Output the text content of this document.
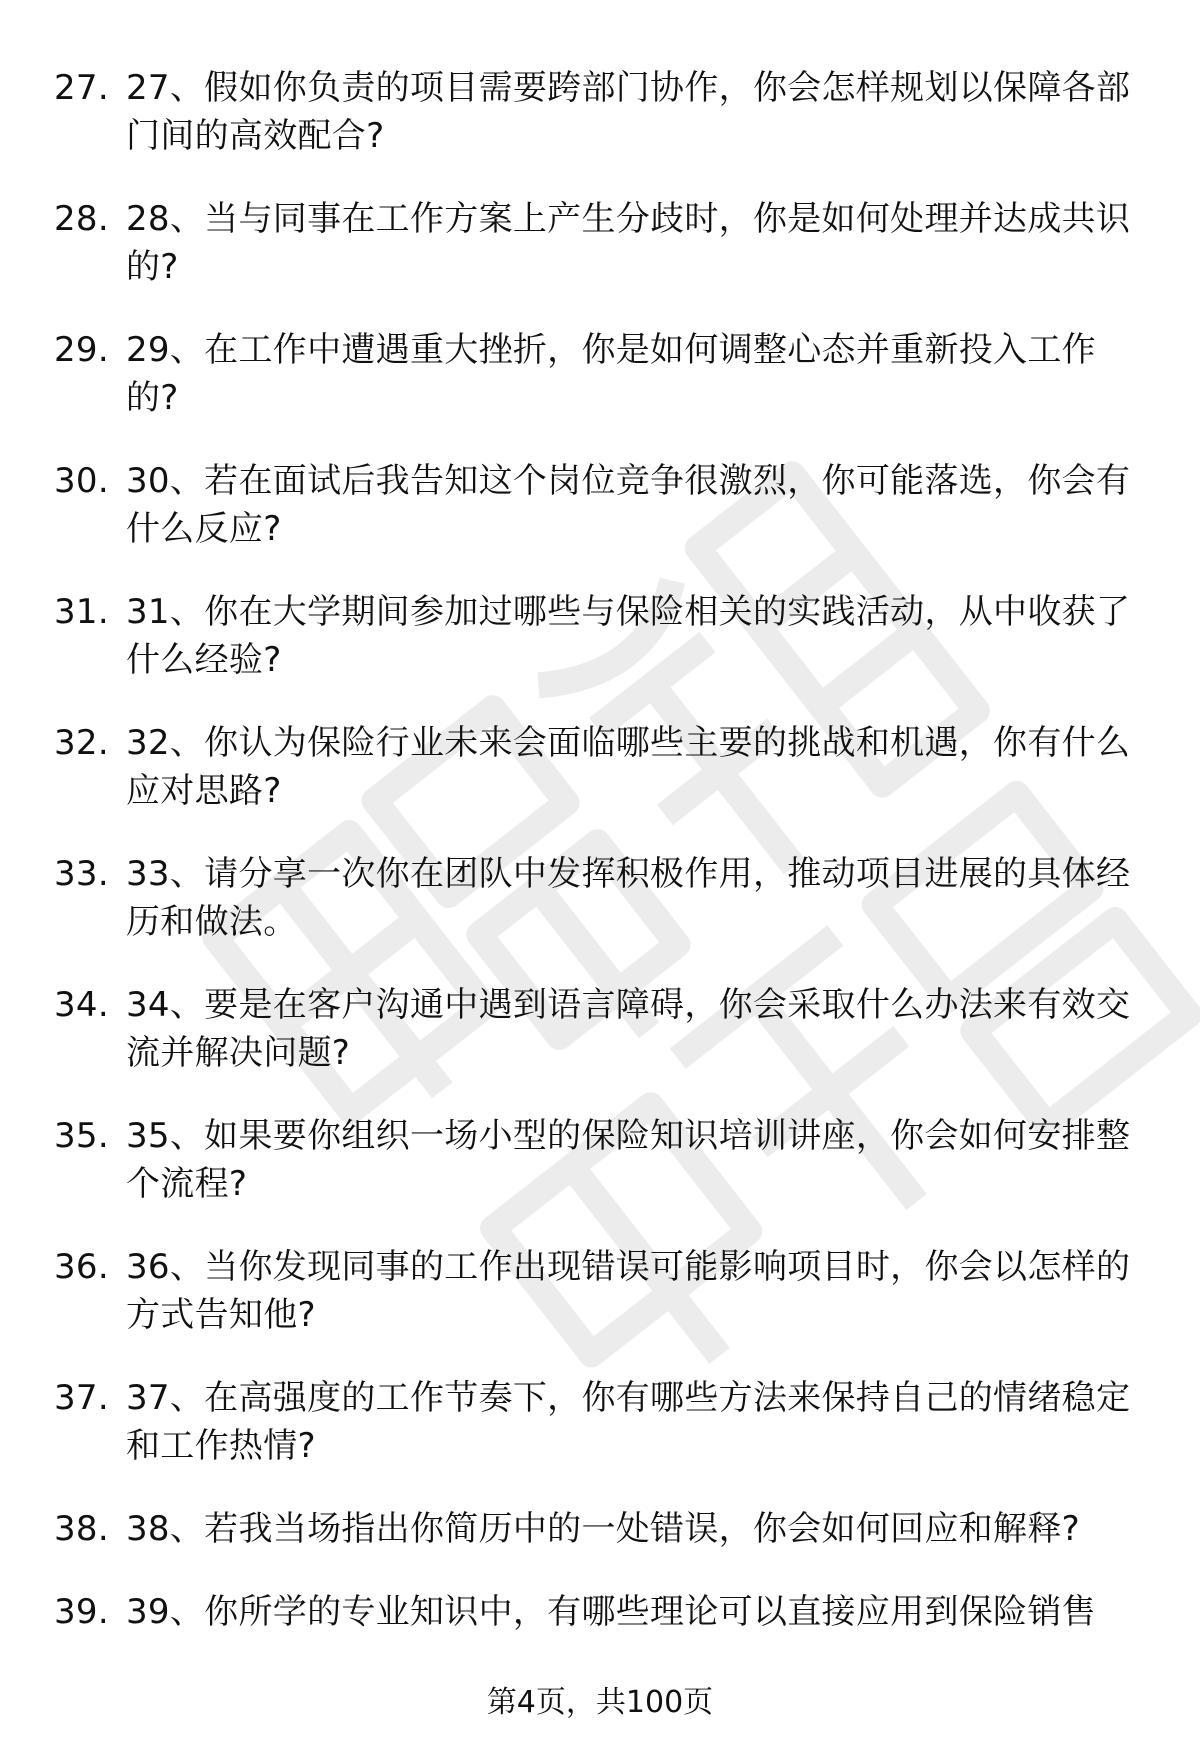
27. 27、假如你负责的项目需要跨部门协作，你会怎样规划以保障各部门间的高效配合?
28. 28、当与同事在工作方案上产生分歧时，你是如何处理并达成共识的?
29. 29、在工作中遭遇重大挫折，你是如何调整心态并重新投入工作的?
30. 30、若在面试后我告知这个岗位竞争很激烈，你可能落选，你会有什么反应?
31. 31、你在大学期间参加过哪些与保险相关的实践活动，从中收获了什么经验?
32. 32、你认为保险行业未来会面临哪些主要的挑战和机遇，你有什么应对思路?
33. 33、请分享一次你在团队中发挥积极作用，推动项目进展的具体经历和做法。
34. 34、要是在客户沟通中遇到语言障碍，你会采取什么办法来有效交流并解决问题?
35. 35、如果要你组织一场小型的保险知识培训讲座，你会如何安排整个流程?
36. 36、当你发现同事的工作出现错误可能影响项目时，你会以怎样的方式告知他?
37. 37、在高强度的工作节奏下，你有哪些方法来保持自己的情绪稳定和工作热情?
38. 38、若我当场指出你简历中的一处错误，你会如何回应和解释?
39. 39、你所学的专业知识中，有哪些理论可以直接应用到保险销售
第4页，共100页
